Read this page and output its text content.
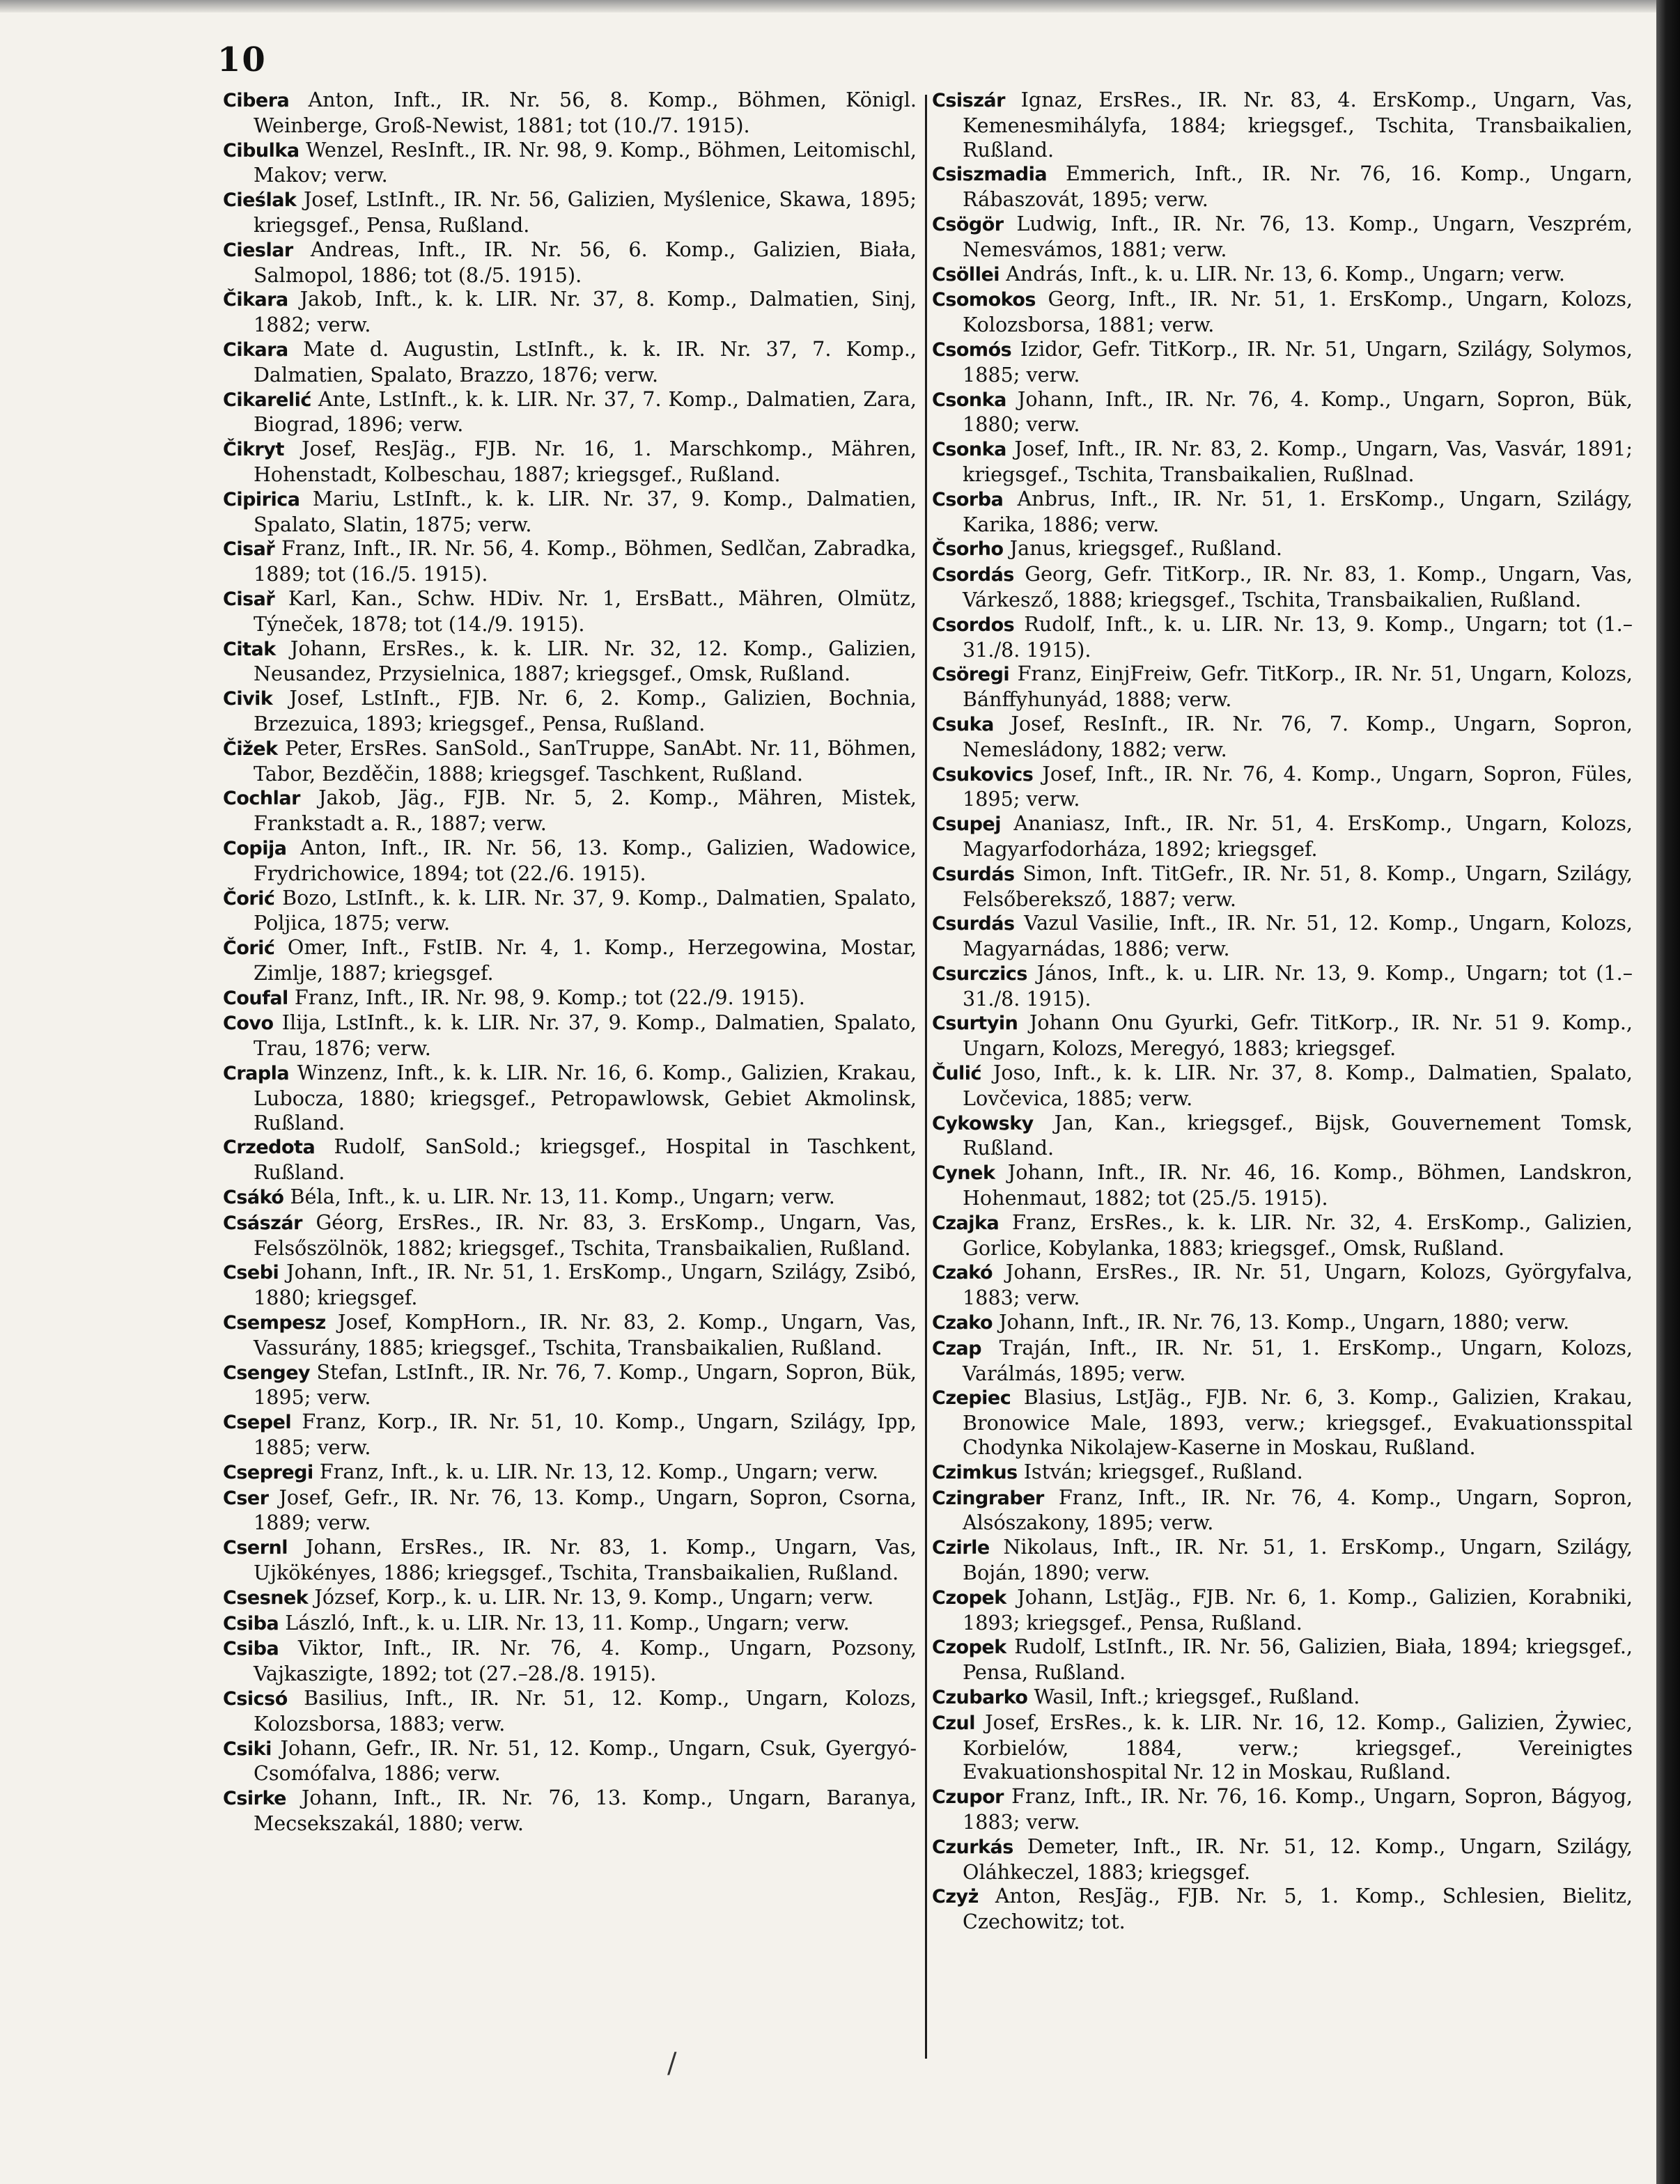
10

Cibera Anton, Inft., IR. Nr. 56, 8. Komp., Böhmen, Königl. Weinberge, Groß-Newist, 1881; tot (10./7. 1915).

Cibulka Wenzel, ResInft., IR. Nr. 98, 9. Komp., Böhmen, Leitomischl, Makov; verw.

Cieślak Josef, LstInft., IR. Nr. 56, Galizien, Myślenice, Skawa, 1895; kriegsgef., Pensa, Rußland.

Cieslar Andreas, Inft., IR. Nr. 56, 6. Komp., Galizien, Biała, Salmopol, 1886; tot (8./5. 1915).

Čikara Jakob, Inft., k. k. LIR. Nr. 37, 8. Komp., Dalmatien, Sinj, 1882; verw.

Cikara Mate d. Augustin, LstInft., k. k. IR. Nr. 37, 7. Komp., Dalmatien, Spalato, Brazzo, 1876; verw.

Cikarelić Ante, LstInft., k. k. LIR. Nr. 37, 7. Komp., Dalmatien, Zara, Biograd, 1896; verw.

Čikryt Josef, ResJäg., FJB. Nr. 16, 1. Marschkomp., Mähren, Hohenstadt, Kolbeschau, 1887; kriegsgef., Rußland.

Cipirica Mariu, LstInft., k. k. LIR. Nr. 37, 9. Komp., Dalmatien, Spalato, Slatin, 1875; verw.

Cisař Franz, Inft., IR. Nr. 56, 4. Komp., Böhmen, Sedlčan, Zabradka, 1889; tot (16./5. 1915).

Cisař Karl, Kan., Schw. HDiv. Nr. 1, ErsBatt., Mähren, Olmütz, Týneček, 1878; tot (14./9. 1915).

Citak Johann, ErsRes., k. k. LIR. Nr. 32, 12. Komp., Galizien, Neusandez, Przysielnica, 1887; kriegsgef., Omsk, Rußland.

Civik Josef, LstInft., FJB. Nr. 6, 2. Komp., Galizien, Bochnia, Brzezuica, 1893; kriegsgef., Pensa, Rußland.

Čižek Peter, ErsRes. SanSold., SanTruppe, SanAbt. Nr. 11, Böhmen, Tabor, Bezděčin, 1888; kriegsgef. Taschkent, Rußland.

Cochlar Jakob, Jäg., FJB. Nr. 5, 2. Komp., Mähren, Mistek, Frankstadt a. R., 1887; verw.

Copija Anton, Inft., IR. Nr. 56, 13. Komp., Galizien, Wadowice, Frydrichowice, 1894; tot (22./6. 1915).

Čorić Bozo, LstInft., k. k. LIR. Nr. 37, 9. Komp., Dalmatien, Spalato, Poljica, 1875; verw.

Čorić Omer, Inft., FstIB. Nr. 4, 1. Komp., Herzegowina, Mostar, Zimlje, 1887; kriegsgef.

Coufal Franz, Inft., IR. Nr. 98, 9. Komp.; tot (22./9. 1915).

Covo Ilija, LstInft., k. k. LIR. Nr. 37, 9. Komp., Dalmatien, Spalato, Trau, 1876; verw.

Crapla Winzenz, Inft., k. k. LIR. Nr. 16, 6. Komp., Galizien, Krakau, Lubocza, 1880; kriegsgef., Petropawlowsk, Gebiet Akmolinsk, Rußland.

Crzedota Rudolf, SanSold.; kriegsgef., Hospital in Taschkent, Rußland.

Csákó Béla, Inft., k. u. LIR. Nr. 13, 11. Komp., Ungarn; verw.

Császár Géorg, ErsRes., IR. Nr. 83, 3. ErsKomp., Ungarn, Vas, Felsőszölnök, 1882; kriegsgef., Tschita, Transbaikalien, Rußland.

Csebi Johann, Inft., IR. Nr. 51, 1. ErsKomp., Ungarn, Szilágy, Zsibó, 1880; kriegsgef.

Csempesz Josef, KompHorn., IR. Nr. 83, 2. Komp., Ungarn, Vas, Vassurány, 1885; kriegsgef., Tschita, Transbaikalien, Rußland.

Csengey Stefan, LstInft., IR. Nr. 76, 7. Komp., Ungarn, Sopron, Bük, 1895; verw.

Csepel Franz, Korp., IR. Nr. 51, 10. Komp., Ungarn, Szilágy, Ipp, 1885; verw.

Csepregi Franz, Inft., k. u. LIR. Nr. 13, 12. Komp., Ungarn; verw.

Cser Josef, Gefr., IR. Nr. 76, 13. Komp., Ungarn, Sopron, Csorna, 1889; verw.

Csernl Johann, ErsRes., IR. Nr. 83, 1. Komp., Ungarn, Vas, Ujkökényes, 1886; kriegsgef., Tschita, Transbaikalien, Rußland.

Csesnek József, Korp., k. u. LIR. Nr. 13, 9. Komp., Ungarn; verw.

Csiba László, Inft., k. u. LIR. Nr. 13, 11. Komp., Ungarn; verw.

Csiba Viktor, Inft., IR. Nr. 76, 4. Komp., Ungarn, Pozsony, Vajkaszigte, 1892; tot (27.–28./8. 1915).

Csicsó Basilius, Inft., IR. Nr. 51, 12. Komp., Ungarn, Kolozs, Kolozsborsa, 1883; verw.

Csiki Johann, Gefr., IR. Nr. 51, 12. Komp., Ungarn, Csuk, Gyergyó-Csomófalva, 1886; verw.

Csirke Johann, Inft., IR. Nr. 76, 13. Komp., Ungarn, Baranya, Mecsekszakál, 1880; verw.

Csiszár Ignaz, ErsRes., IR. Nr. 83, 4. ErsKomp., Ungarn, Vas, Kemenesmihályfa, 1884; kriegsgef., Tschita, Transbaikalien, Rußland.

Csiszmadia Emmerich, Inft., IR. Nr. 76, 16. Komp., Ungarn, Rábaszovát, 1895; verw.

Csögör Ludwig, Inft., IR. Nr. 76, 13. Komp., Ungarn, Veszprém, Nemesvámos, 1881; verw.

Csöllei András, Inft., k. u. LIR. Nr. 13, 6. Komp., Ungarn; verw.

Csomokos Georg, Inft., IR. Nr. 51, 1. ErsKomp., Ungarn, Kolozs, Kolozsborsa, 1881; verw.

Csomós Izidor, Gefr. TitKorp., IR. Nr. 51, Ungarn, Szilágy, Solymos, 1885; verw.

Csonka Johann, Inft., IR. Nr. 76, 4. Komp., Ungarn, Sopron, Bük, 1880; verw.

Csonka Josef, Inft., IR. Nr. 83, 2. Komp., Ungarn, Vas, Vasvár, 1891; kriegsgef., Tschita, Transbaikalien, Rußlnad.

Csorba Anbrus, Inft., IR. Nr. 51, 1. ErsKomp., Ungarn, Szilágy, Karika, 1886; verw.

Čsorho Janus, kriegsgef., Rußland.

Csordás Georg, Gefr. TitKorp., IR. Nr. 83, 1. Komp., Ungarn, Vas, Várkesző, 1888; kriegsgef., Tschita, Transbaikalien, Rußland.

Csordos Rudolf, Inft., k. u. LIR. Nr. 13, 9. Komp., Ungarn; tot (1.–31./8. 1915).

Csöregi Franz, EinjFreiw, Gefr. TitKorp., IR. Nr. 51, Ungarn, Kolozs, Bánffyhunyád, 1888; verw.

Csuka Josef, ResInft., IR. Nr. 76, 7. Komp., Ungarn, Sopron, Nemesládony, 1882; verw.

Csukovics Josef, Inft., IR. Nr. 76, 4. Komp., Ungarn, Sopron, Füles, 1895; verw.

Csupej Ananiasz, Inft., IR. Nr. 51, 4. ErsKomp., Ungarn, Kolozs, Magyarfodorháza, 1892; kriegsgef.

Csurdás Simon, Inft. TitGefr., IR. Nr. 51, 8. Komp., Ungarn, Szilágy, Felsőbereksző, 1887; verw.

Csurdás Vazul Vasilie, Inft., IR. Nr. 51, 12. Komp., Ungarn, Kolozs, Magyarnádas, 1886; verw.

Csurczics János, Inft., k. u. LIR. Nr. 13, 9. Komp., Ungarn; tot (1.–31./8. 1915).

Csurtyin Johann Onu Gyurki, Gefr. TitKorp., IR. Nr. 51 9. Komp., Ungarn, Kolozs, Meregyó, 1883; kriegsgef.

Čulić Joso, Inft., k. k. LIR. Nr. 37, 8. Komp., Dalmatien, Spalato, Lovčevica, 1885; verw.

Cykowsky Jan, Kan., kriegsgef., Bijsk, Gouvernement Tomsk, Rußland.

Cynek Johann, Inft., IR. Nr. 46, 16. Komp., Böhmen, Landskron, Hohenmaut, 1882; tot (25./5. 1915).

Czajka Franz, ErsRes., k. k. LIR. Nr. 32, 4. ErsKomp., Galizien, Gorlice, Kobylanka, 1883; kriegsgef., Omsk, Rußland.

Czakó Johann, ErsRes., IR. Nr. 51, Ungarn, Kolozs, Györgyfalva, 1883; verw.

Czako Johann, Inft., IR. Nr. 76, 13. Komp., Ungarn, 1880; verw.

Czap Traján, Inft., IR. Nr. 51, 1. ErsKomp., Ungarn, Kolozs, Varálmás, 1895; verw.

Czepiec Blasius, LstJäg., FJB. Nr. 6, 3. Komp., Galizien, Krakau, Bronowice Male, 1893, verw.; kriegsgef., Evakuationsspital Chodynka Nikolajew-Kaserne in Moskau, Rußland.

Czimkus István; kriegsgef., Rußland.

Czingraber Franz, Inft., IR. Nr. 76, 4. Komp., Ungarn, Sopron, Alsószakony, 1895; verw.

Czirle Nikolaus, Inft., IR. Nr. 51, 1. ErsKomp., Ungarn, Szilágy, Boján, 1890; verw.

Czopek Johann, LstJäg., FJB. Nr. 6, 1. Komp., Galizien, Korabniki, 1893; kriegsgef., Pensa, Rußland.

Czopek Rudolf, LstInft., IR. Nr. 56, Galizien, Biała, 1894; kriegsgef., Pensa, Rußland.

Czubarko Wasil, Inft.; kriegsgef., Rußland.

Czul Josef, ErsRes., k. k. LIR. Nr. 16, 12. Komp., Galizien, Żywiec, Korbielów, 1884, verw.; kriegsgef., Vereinigtes Evakuationshospital Nr. 12 in Moskau, Rußland.

Czupor Franz, Inft., IR. Nr. 76, 16. Komp., Ungarn, Sopron, Bágyog, 1883; verw.

Czurkás Demeter, Inft., IR. Nr. 51, 12. Komp., Ungarn, Szilágy, Oláhkeczel, 1883; kriegsgef.

Czyż Anton, ResJäg., FJB. Nr. 5, 1. Komp., Schlesien, Bielitz, Czechowitz; tot.

/
